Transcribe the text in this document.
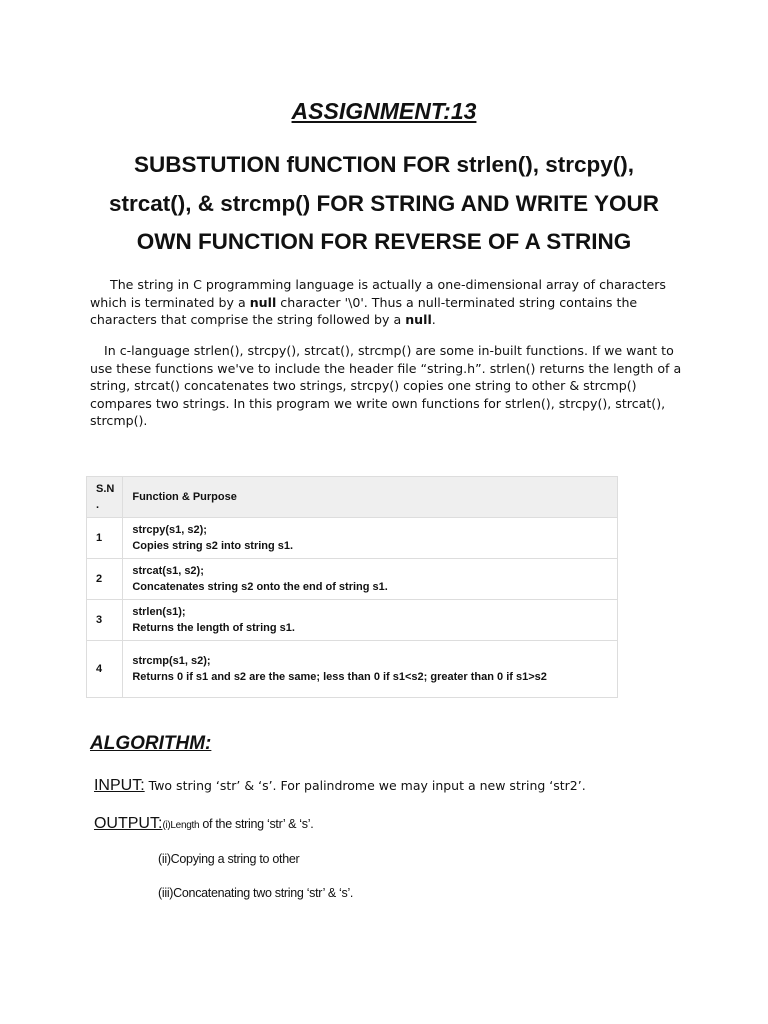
ASSIGNMENT:13
SUBSTUTION fUNCTION FOR strlen(), strcpy(),
strcat(), & strcmp() FOR STRING AND WRITE YOUR
OWN FUNCTION FOR REVERSE OF A STRING
The string in C programming language is actually a one-dimensional array of characters which is terminated by a null character '\0'. Thus a null-terminated string contains the characters that comprise the string followed by a null.
In c-language strlen(), strcpy(), strcat(), strcmp() are some in-built functions. If we want to use these functions we've to include the header file “string.h”. strlen() returns the length of a string, strcat() concatenates two strings, strcpy() copies one string to other & strcmp() compares two strings. In this program we write own functions for strlen(), strcpy(), strcat(), strcmp().
S.N .	Function & Purpose
1	strcpy(s1, s2);
Copies string s2 into string s1.

2	strcat(s1, s2);
Concatenates string s2 onto the end of string s1.

3	strlen(s1);
Returns the length of string s1.

4	strcmp(s1, s2);
Returns 0 if s1 and s2 are the same; less than 0 if s1<s2; greater than 0 if s1>s2
ALGORITHM:
INPUT: Two string ‘str’ & ‘s’. For palindrome we may input a new string ‘str2’.
OUTPUT:(i)Length of the string ‘str’ & ‘s’.
(ii)Copying a string to other
(iii)Concatenating two string ‘str’ & ‘s’.
